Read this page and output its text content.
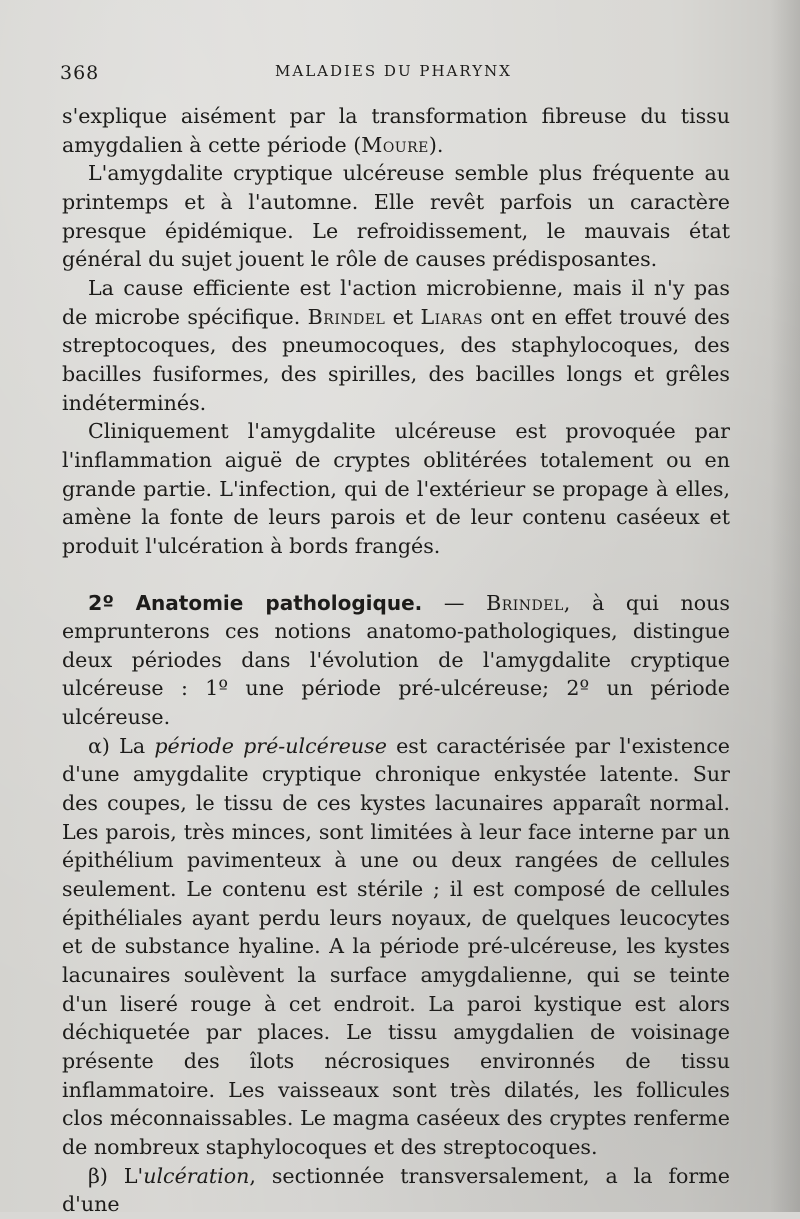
368	MALADIES DU PHARYNX

s'explique aisément par la transformation fibreuse du tissu amygdalien à cette période (Moure).

L'amygdalite cryptique ulcéreuse semble plus fréquente au printemps et à l'automne. Elle revêt parfois un caractère presque épidémique. Le refroidissement, le mauvais état général du sujet jouent le rôle de causes prédisposantes.

La cause efficiente est l'action microbienne, mais il n'y pas de microbe spécifique. Brindel et Liaras ont en effet trouvé des streptocoques, des pneumocoques, des staphylocoques, des bacilles fusiformes, des spirilles, des bacilles longs et grêles indéterminés.

Cliniquement l'amygdalite ulcéreuse est provoquée par l'inflammation aiguë de cryptes oblitérées totalement ou en grande partie. L'infection, qui de l'extérieur se propage à elles, amène la fonte de leurs parois et de leur contenu caséeux et produit l'ulcération à bords frangés.

2º Anatomie pathologique. — Brindel, à qui nous emprunterons ces notions anatomo-pathologiques, distingue deux périodes dans l'évolution de l'amygdalite cryptique ulcéreuse : 1º une période pré-ulcéreuse; 2º un période ulcéreuse.

α) La période pré-ulcéreuse est caractérisée par l'existence d'une amygdalite cryptique chronique enkystée latente. Sur des coupes, le tissu de ces kystes lacunaires apparaît normal. Les parois, très minces, sont limitées à leur face interne par un épithélium pavimenteux à une ou deux rangées de cellules seulement. Le contenu est stérile ; il est composé de cellules épithéliales ayant perdu leurs noyaux, de quelques leucocytes et de substance hyaline. A la période pré-ulcéreuse, les kystes lacunaires soulèvent la surface amygdalienne, qui se teinte d'un liseré rouge à cet endroit. La paroi kystique est alors déchiquetée par places. Le tissu amygdalien de voisinage présente des îlots nécrosiques environnés de tissu inflammatoire. Les vaisseaux sont très dilatés, les follicules clos méconnaissables. Le magma caséeux des cryptes renferme de nombreux staphylocoques et des streptocoques.

β) L'ulcération, sectionnée transversalement, a la forme d'une
